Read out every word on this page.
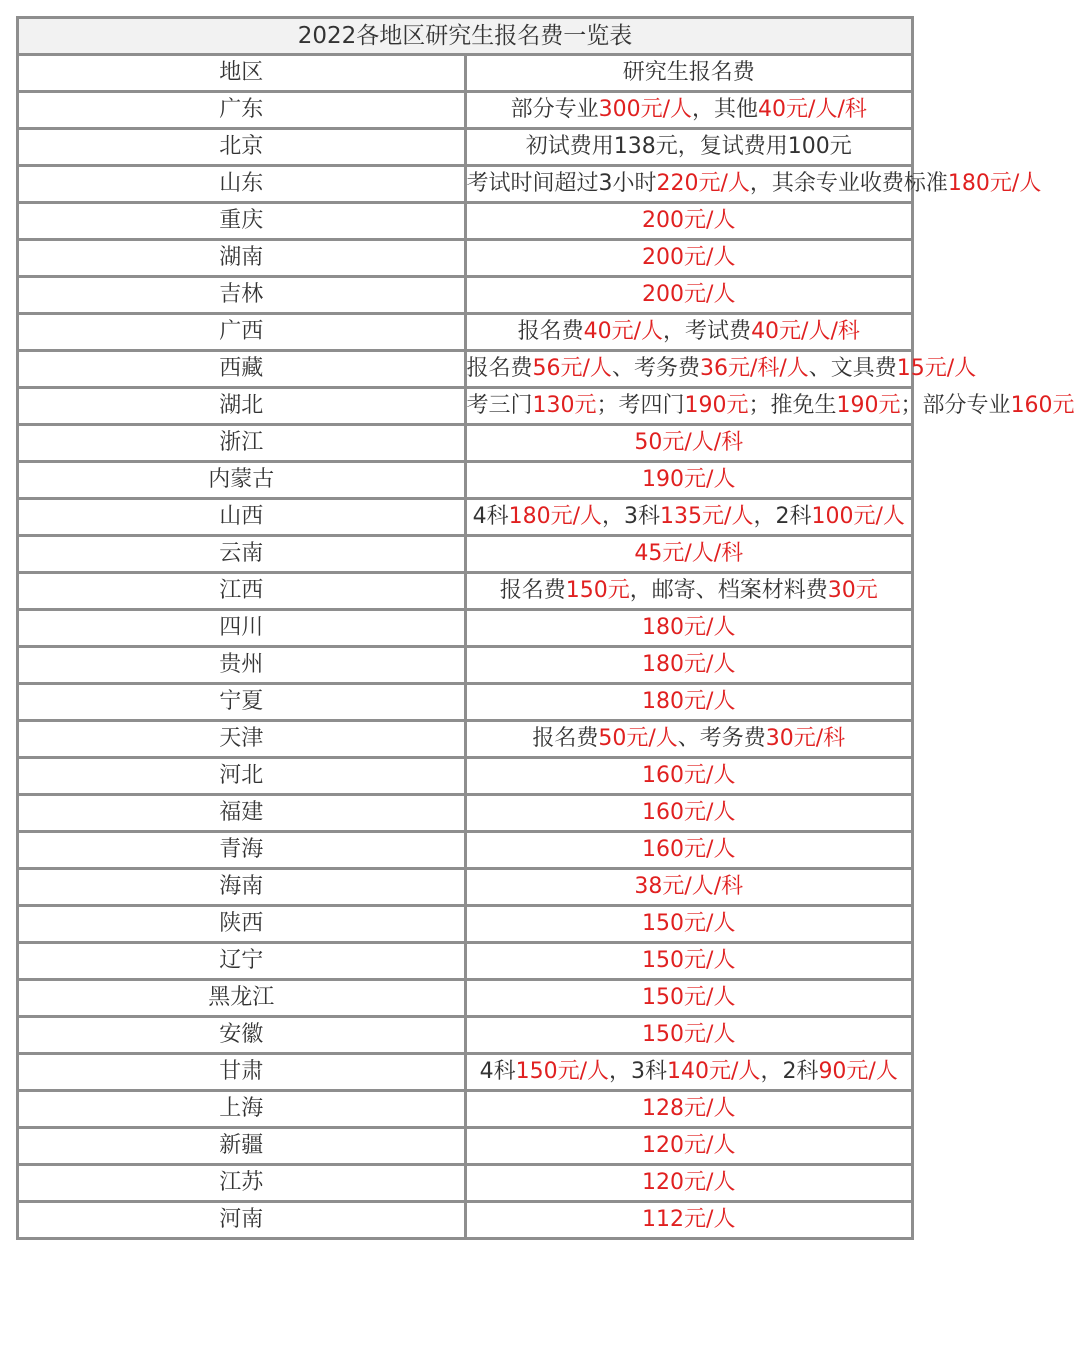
2022各地区研究生报名费一览表	
地区	研究生报名费
广东	部分专业300元/人，其他40元/人/科
北京	初试费用138元，复试费用100元
山东	考试时间超过3小时220元/人，其余专业收费标准180元/人
重庆	200元/人
湖南	200元/人
吉林	200元/人
广西	报名费40元/人，考试费40元/人/科
西藏	报名费56元/人、考务费36元/科/人、文具费15元/人
湖北	考三门130元；考四门190元；推免生190元；部分专业160元
浙江	50元/人/科
内蒙古	190元/人
山西	4科180元/人，3科135元/人，2科100元/人
云南	45元/人/科
江西	报名费150元，邮寄、档案材料费30元
四川	180元/人
贵州	180元/人
宁夏	180元/人
天津	报名费50元/人、考务费30元/科
河北	160元/人
福建	160元/人
青海	160元/人
海南	38元/人/科
陕西	150元/人
辽宁	150元/人
黑龙江	150元/人
安徽	150元/人
甘肃	4科150元/人，3科140元/人，2科90元/人
上海	128元/人
新疆	120元/人
江苏	120元/人
河南	112元/人
